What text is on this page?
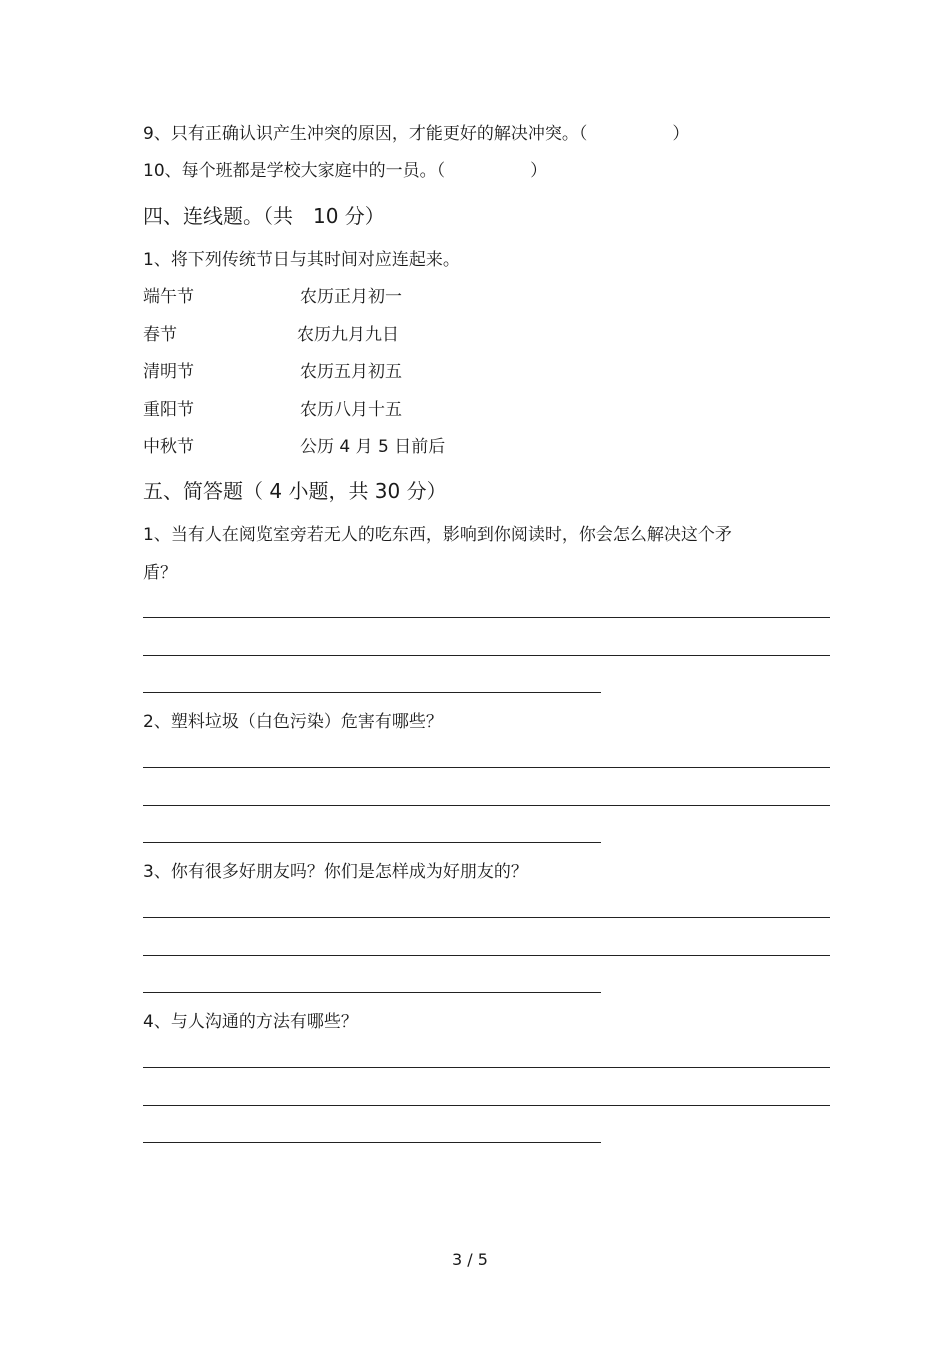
9、只有正确认识产生冲突的原因，才能更好的解决冲突。（　　　　　）
10、每个班都是学校大家庭中的一员。（　　　　　）
四、连线题。（共　10 分）
1、将下列传统节日与其时间对应连起来。
端午节	农历正月初一
春节	农历九月九日
清明节	农历五月初五
重阳节	农历八月十五
中秋节	公历 4 月 5 日前后
五、简答题（ 4 小题，共 30 分）
1、当有人在阅览室旁若无人的吃东西，影响到你阅读时，你会怎么解决这个矛
盾？
2、塑料垃圾（白色污染）危害有哪些？
3、你有很多好朋友吗？你们是怎样成为好朋友的？
4、与人沟通的方法有哪些？
3 / 5
